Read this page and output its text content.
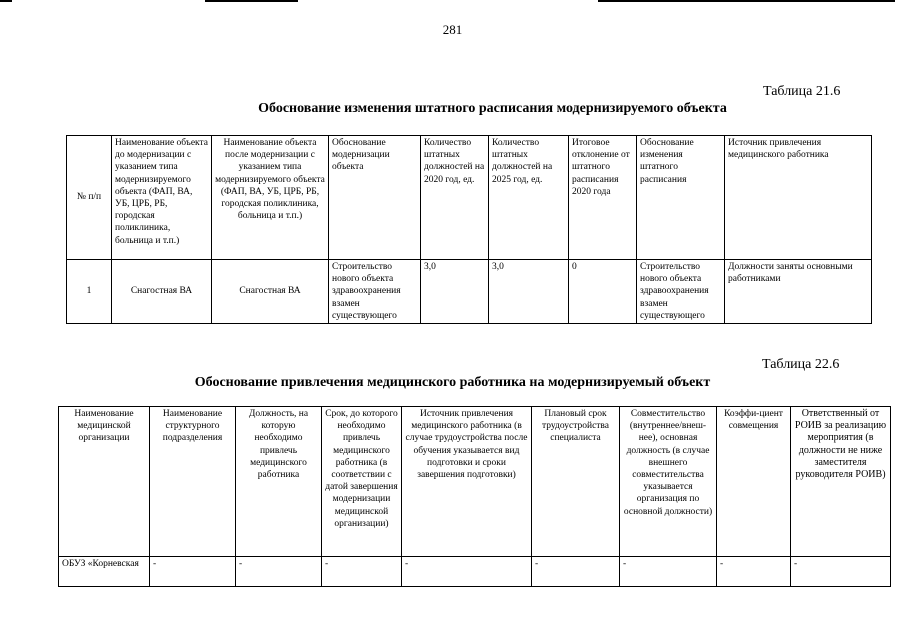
281
Таблица 21.6
Обоснование изменения штатного расписания модернизируемого объекта
№ п/п	Наименование объекта до модернизации с указанием типа модернизируемого объекта (ФАП, ВА, УБ, ЦРБ, РБ, городская поликлиника, больница и т.п.)	Наименование объекта после модернизации с указанием типа модернизируемого объекта (ФАП, ВА, УБ, ЦРБ, РБ, городская поликлиника, больница и т.п.)	Обоснование модернизации объекта	Количество штатных должностей на 2020 год, ед.	Количество штатных должностей на 2025 год, ед.	Итоговое отклонение от штатного расписания 2020 года	Обоснование изменения штатного расписания	Источник привлечения медицинского работника
1	Снагостная ВА	Снагостная ВА	Строительство нового объекта здравоохранения взамен существующего	3,0	3,0	0	Строительство нового объекта здравоохранения взамен существующего	Должности заняты основными работниками
Таблица 22.6
Обоснование привлечения медицинского работника на модернизируемый объект
Наименование медицинской организации	Наименование структурного подразделения	Должность, на которую необходимо привлечь медицинского работника	Срок, до которого необходимо привлечь медицинского работника (в соответствии с датой завершения модернизации медицинской организации)	Источник привлечения медицинского работника (в случае трудоустройства после обучения указывается вид подготовки и сроки завершения подготовки)	Плановый срок трудоустройства специалиста	Совместительство (внутреннее/внеш-нее), основная должность (в случае внешнего совместительства указывается организация по основной должности)	Коэффи-циент совмещения	Ответственный от РОИВ за реализацию мероприятия (в должности не ниже заместителя руководителя РОИВ)
ОБУЗ «Корневская	-	-	-	-	-	-	-	-
